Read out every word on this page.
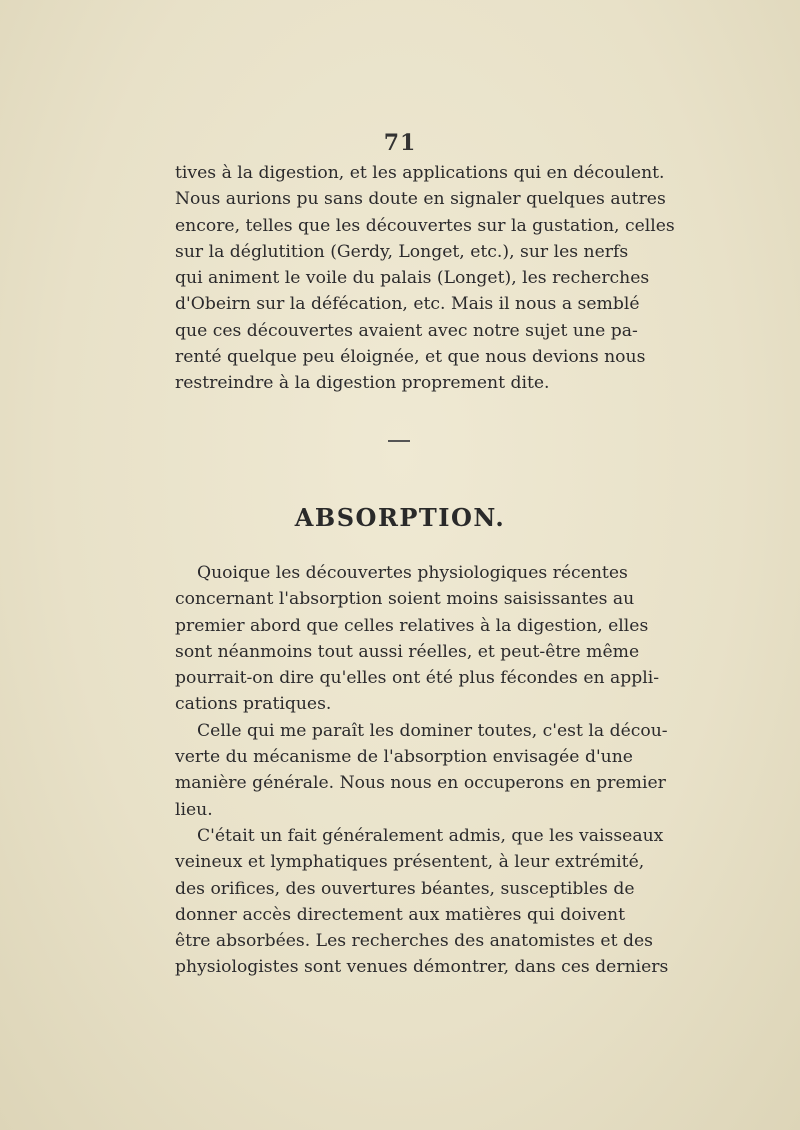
71
tives à la digestion, et les applications qui en découlent.
Nous aurions pu sans doute en signaler quelques autres
encore, telles que les découvertes sur la gustation, celles
sur la déglutition (Gerdy, Longet, etc.), sur les nerfs
qui animent le voile du palais (Longet), les recherches
d'Obeirn sur la défécation, etc. Mais il nous a semblé
que ces découvertes avaient avec notre sujet une pa-
renté quelque peu éloignée, et que nous devions nous
restreindre à la digestion proprement dite.
ABSORPTION.
Quoique les découvertes physiologiques récentes
concernant l'absorption soient moins saisissantes au
premier abord que celles relatives à la digestion, elles
sont néanmoins tout aussi réelles, et peut-être même
pourrait-on dire qu'elles ont été plus fécondes en appli-
cations pratiques.
Celle qui me paraît les dominer toutes, c'est la décou-
verte du mécanisme de l'absorption envisagée d'une
manière générale. Nous nous en occuperons en premier
lieu.
C'était un fait généralement admis, que les vaisseaux
veineux et lymphatiques présentent, à leur extrémité,
des orifices, des ouvertures béantes, susceptibles de
donner accès directement aux matières qui doivent
être absorbées. Les recherches des anatomistes et des
physiologistes sont venues démontrer, dans ces derniers
